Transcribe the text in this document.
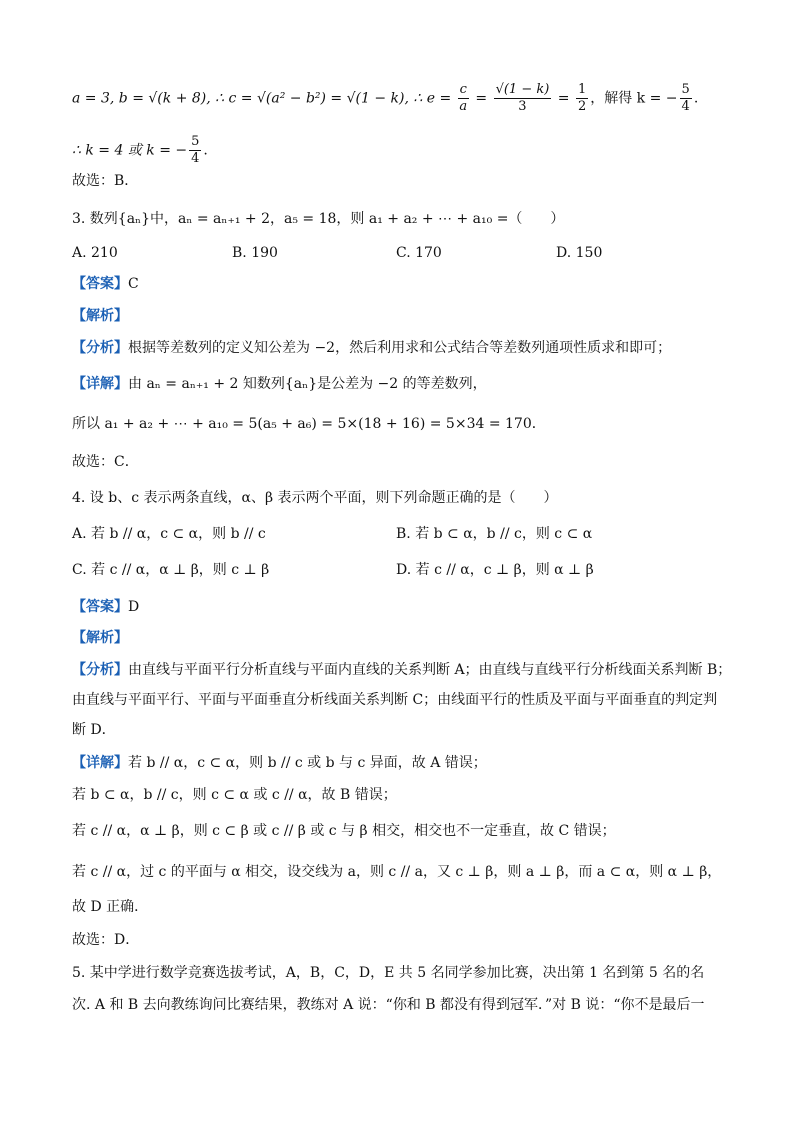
a = 3, b = √(k + 8), ∴ c = √(a² − b²) = √(1 − k), ∴ $e = \frac{c}{a} = \frac{√(1 - k)}{3} = \frac{1}{2}$ ，解得 k = − $\frac{5}{4}$ .
∴ k = 4 或 k = − $\frac{5}{4}$ .
故选：B．
3. 数列{aₙ}中，aₙ = aₙ₊₁ + 2，a₅ = 18，则 a₁ + a₂ + ⋯ + a₁₀ =（　　）
A. 210	B. 190	C. 170	D. 150
【答案】C
【解析】
【分析】根据等差数列的定义知公差为 −2，然后利用求和公式结合等差数列通项性质求和即可；
【详解】由 aₙ = aₙ₊₁ + 2 知数列{aₙ}是公差为 −2 的等差数列，
所以 a₁ + a₂ + ⋯ + a₁₀ = 5(a₅ + a₆) = 5×(18 + 16) = 5×34 = 170．
故选：C．
4. 设 b、c 表示两条直线，α、β 表示两个平面，则下列命题正确的是（　　）
A. 若 b // α，c ⊂ α，则 b // c	B. 若 b ⊂ α，b // c，则 c ⊂ α
C. 若 c // α，α ⊥ β，则 c ⊥ β	D. 若 c // α，c ⊥ β，则 α ⊥ β
【答案】D
【解析】
【分析】由直线与平面平行分析直线与平面内直线的关系判断 A；由直线与直线平行分析线面关系判断 B；
由直线与平面平行、平面与平面垂直分析线面关系判断 C；由线面平行的性质及平面与平面垂直的判定判
断 D．
【详解】若 b // α，c ⊂ α，则 b // c 或 b 与 c 异面，故 A 错误；
若 b ⊂ α，b // c，则 c ⊂ α 或 c // α，故 B 错误；
若 c // α，α ⊥ β，则 c ⊂ β 或 c // β 或 c 与 β 相交，相交也不一定垂直，故 C 错误；
若 c // α，过 c 的平面与 α 相交，设交线为 a，则 c // a，又 c ⊥ β，则 a ⊥ β，而 a ⊂ α，则 α ⊥ β，
故 D 正确．
故选：D．
5. 某中学进行数学竞赛选拔考试，A，B，C，D，E 共 5 名同学参加比赛，决出第 1 名到第 5 名的名
次. A 和 B 去向教练询问比赛结果，教练对 A 说：“你和 B 都没有得到冠军．”对 B 说：“你不是最后一
